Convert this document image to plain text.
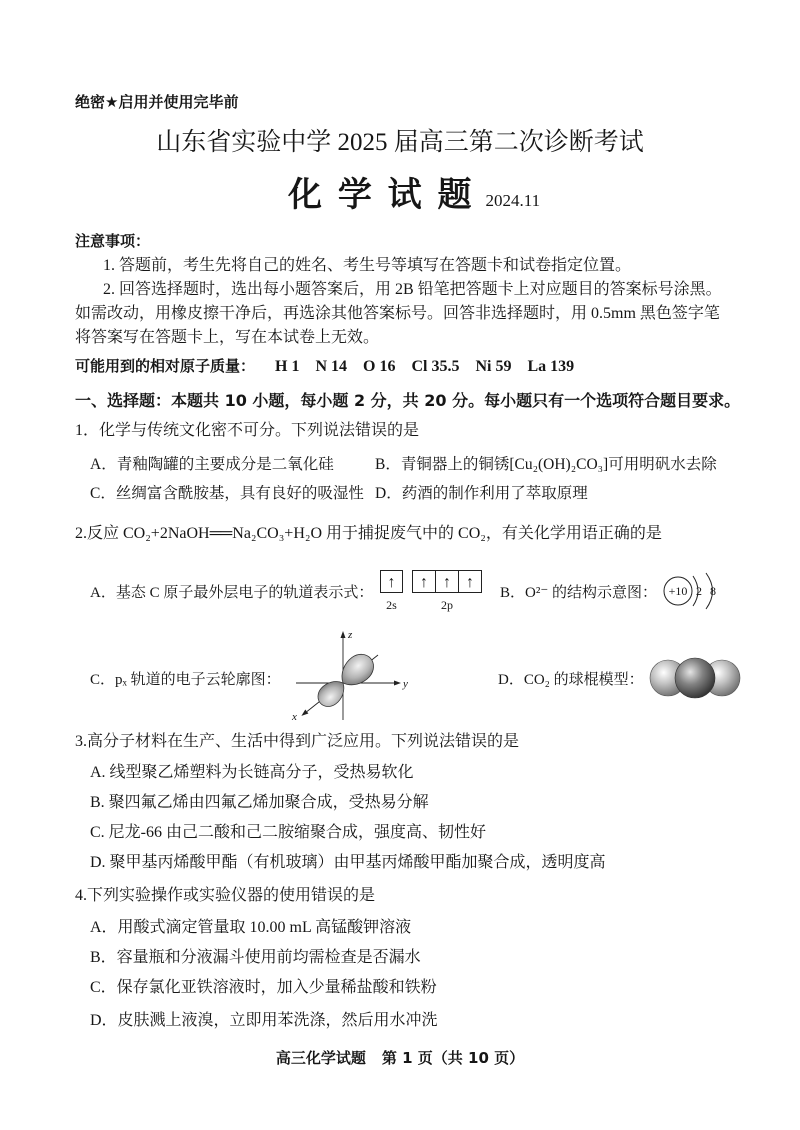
绝密★启用并使用完毕前
山东省实验中学 2025 届高三第二次诊断考试
化 学 试 题 2024.11
注意事项：
1. 答题前，考生先将自己的姓名、考生号等填写在答题卡和试卷指定位置。
2. 回答选择题时，选出每小题答案后，用 2B 铅笔把答题卡上对应题目的答案标号涂黑。
如需改动，用橡皮擦干净后，再选涂其他答案标号。回答非选择题时，用 0.5mm 黑色签字笔
将答案写在答题卡上，写在本试卷上无效。
可能用到的相对原子质量： H 1 N 14 O 16 Cl 35.5 Ni 59 La 139
一、选择题：本题共 10 小题，每小题 2 分，共 20 分。每小题只有一个选项符合题目要求。
1．化学与传统文化密不可分。下列说法错误的是
A．青釉陶罐的主要成分是二氧化硅	B．青铜器上的铜锈[Cu₂(OH)₂CO₃]可用明矾水去除
C．丝绸富含酰胺基，具有良好的吸湿性 D．药酒的制作利用了萃取原理
2.反应 CO₂+2NaOH══Na₂CO₃+H₂O 用于捕捉废气中的 CO₂，有关化学用语正确的是
A．基态 C 原子最外层电子的轨道表示式：
↑ ↑ ↑ ↑
2s	2p
B．O²⁻ 的结构示意图： +10 2 8
C．pₓ 轨道的电子云轮廓图：
z
y
x
D．CO₂ 的球棍模型：
3.高分子材料在生产、生活中得到广泛应用。下列说法错误的是
A. 线型聚乙烯塑料为长链高分子，受热易软化
B. 聚四氟乙烯由四氟乙烯加聚合成，受热易分解
C. 尼龙-66 由己二酸和己二胺缩聚合成，强度高、韧性好
D. 聚甲基丙烯酸甲酯（有机玻璃）由甲基丙烯酸甲酯加聚合成，透明度高
4.下列实验操作或实验仪器的使用错误的是
A．用酸式滴定管量取 10.00 mL 高锰酸钾溶液
B．容量瓶和分液漏斗使用前均需检查是否漏水
C．保存氯化亚铁溶液时，加入少量稀盐酸和铁粉
D．皮肤溅上液溴，立即用苯洗涤，然后用水冲洗
高三化学试题 第 1 页（共 10 页）
